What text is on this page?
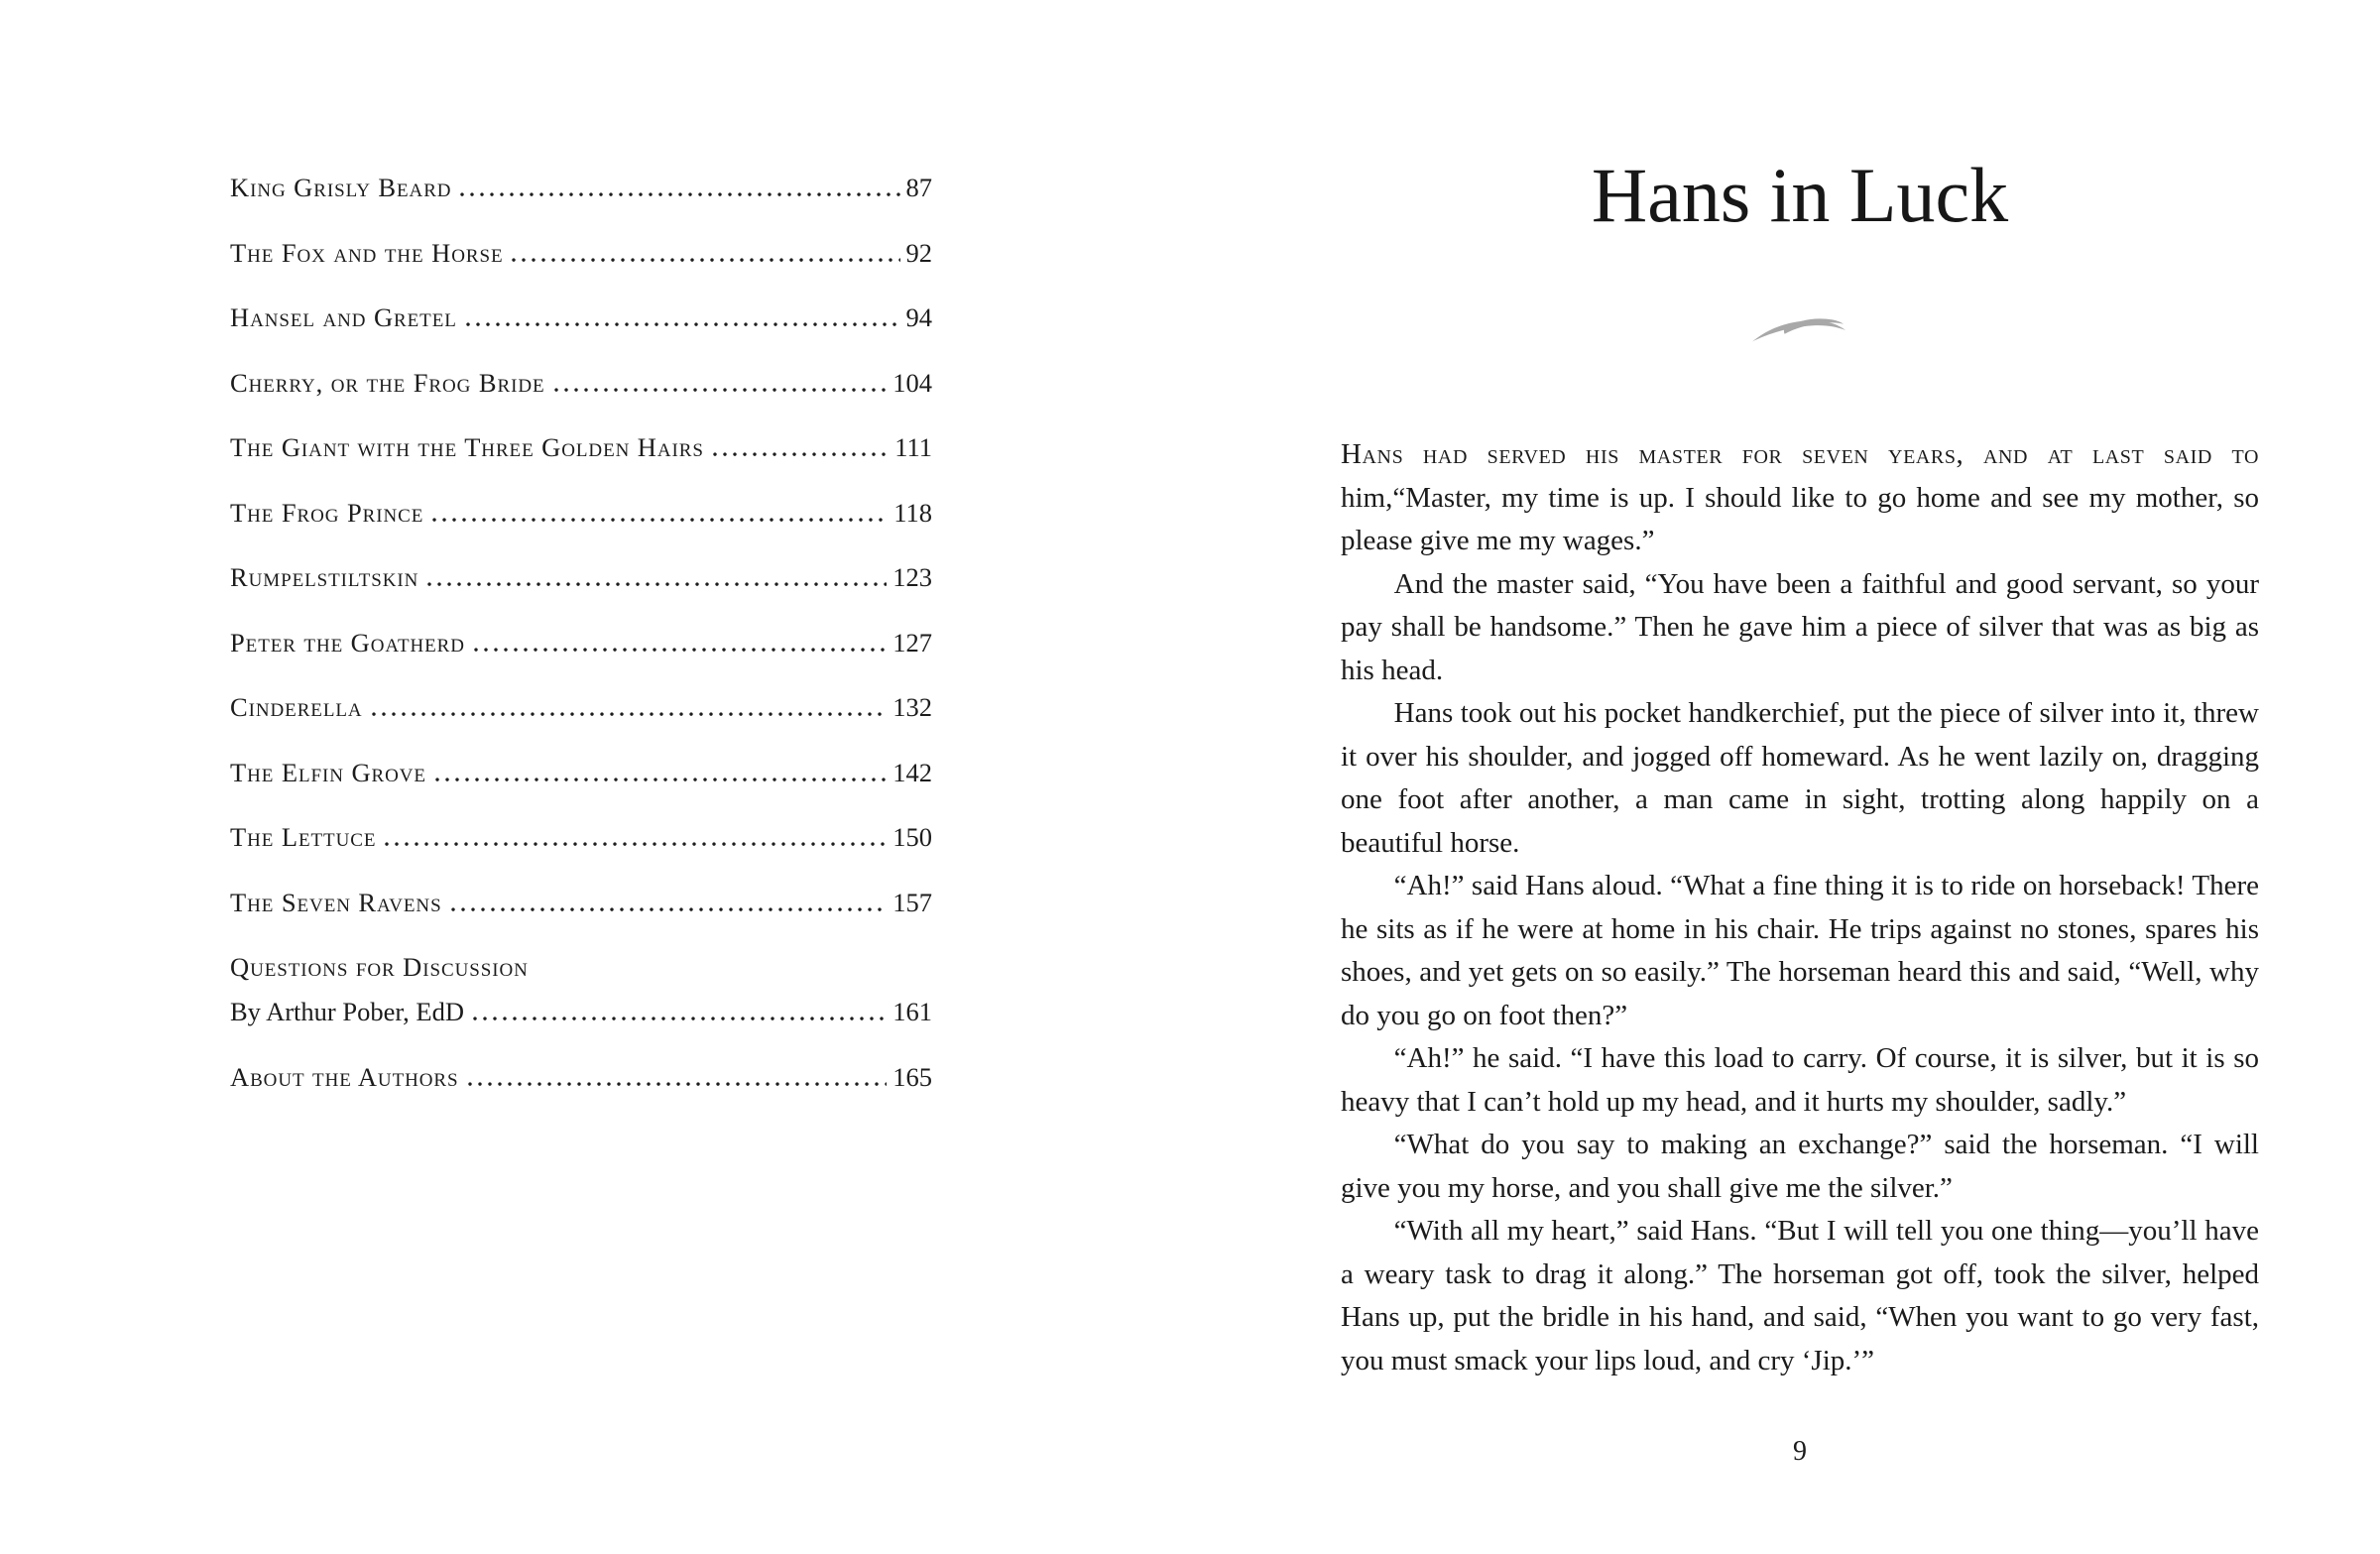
King Grisly Beard	87
The Fox and the Horse	92
Hansel and Gretel	94
Cherry, or the Frog Bride	104
The Giant with the Three Golden Hairs	111
The Frog Prince	118
Rumpelstiltskin	123
Peter the Goatherd	127
Cinderella	132
The Elfin Grove	142
The Lettuce	150
The Seven Ravens	157
Questions for Discussion
By Arthur Pober, EdD	161
About the Authors	165
Hans in Luck

Hans had served his master for seven years, and at last said to him,“Master, my time is up. I should like to go home and see my mother, so please give me my wages.”

And the master said, “You have been a faithful and good servant, so your pay shall be handsome.” Then he gave him a piece of silver that was as big as his head.

Hans took out his pocket handkerchief, put the piece of silver into it, threw it over his shoulder, and jogged off homeward. As he went lazily on, dragging one foot after another, a man came in sight, trotting along happily on a beautiful horse.

“Ah!” said Hans aloud. “What a fine thing it is to ride on horseback! There he sits as if he were at home in his chair. He trips against no stones, spares his shoes, and yet gets on so easily.” The horseman heard this and said, “Well, why do you go on foot then?”

“Ah!” he said. “I have this load to carry. Of course, it is silver, but it is so heavy that I can’t hold up my head, and it hurts my shoulder, sadly.”

“What do you say to making an exchange?” said the horseman. “I will give you my horse, and you shall give me the silver.”

“With all my heart,” said Hans. “But I will tell you one thing—you’ll have a weary task to drag it along.” The horseman got off, took the silver, helped Hans up, put the bridle in his hand, and said, “When you want to go very fast, you must smack your lips loud, and cry ‘Jip.’”

9
